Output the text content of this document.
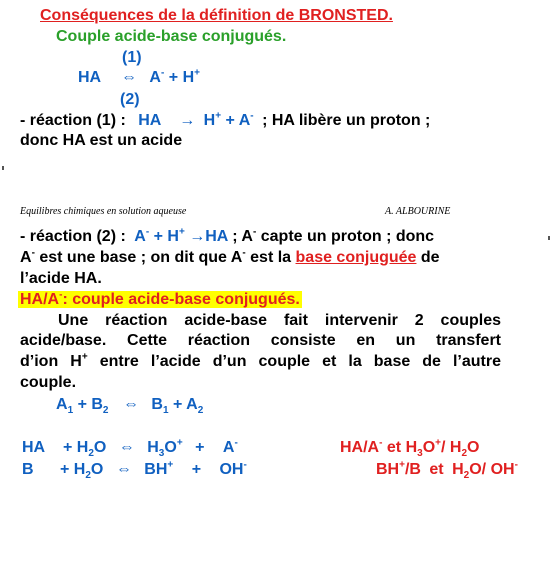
Conséquences de la définition de BRONSTED.
Couple acide-base conjugués.
(1)
HA ⇔ A- + H+
(2)
- réaction (1) : HA → H+ + A- ; HA libère un proton ;
donc HA est un acide
Equilibres chimiques en solution aqueuse	A. ALBOURINE
- réaction (2) : A- + H+ →HA ; A- capte un proton ; donc
A- est une base ; on dit que A- est la base conjuguée de
l’acide HA.
HA/A-: couple acide-base conjugués.
Une réaction acide-base fait intervenir 2 couples
acide/base. Cette réaction consiste en un transfert
d’ion H+ entre l’acide d’un couple et la base de l’autre
couple.
$A_1 + B_2$ ⇔ $B_1 + A_2$
HA + $H_2O$ ⇔ $H_3O^+ + A^-$	HA/A- et $H_3O^+/$ $H_2O$
$B + H_2O$ ⇔ BH+ + OH-	BH+/B et $H_2O/$ OH-
